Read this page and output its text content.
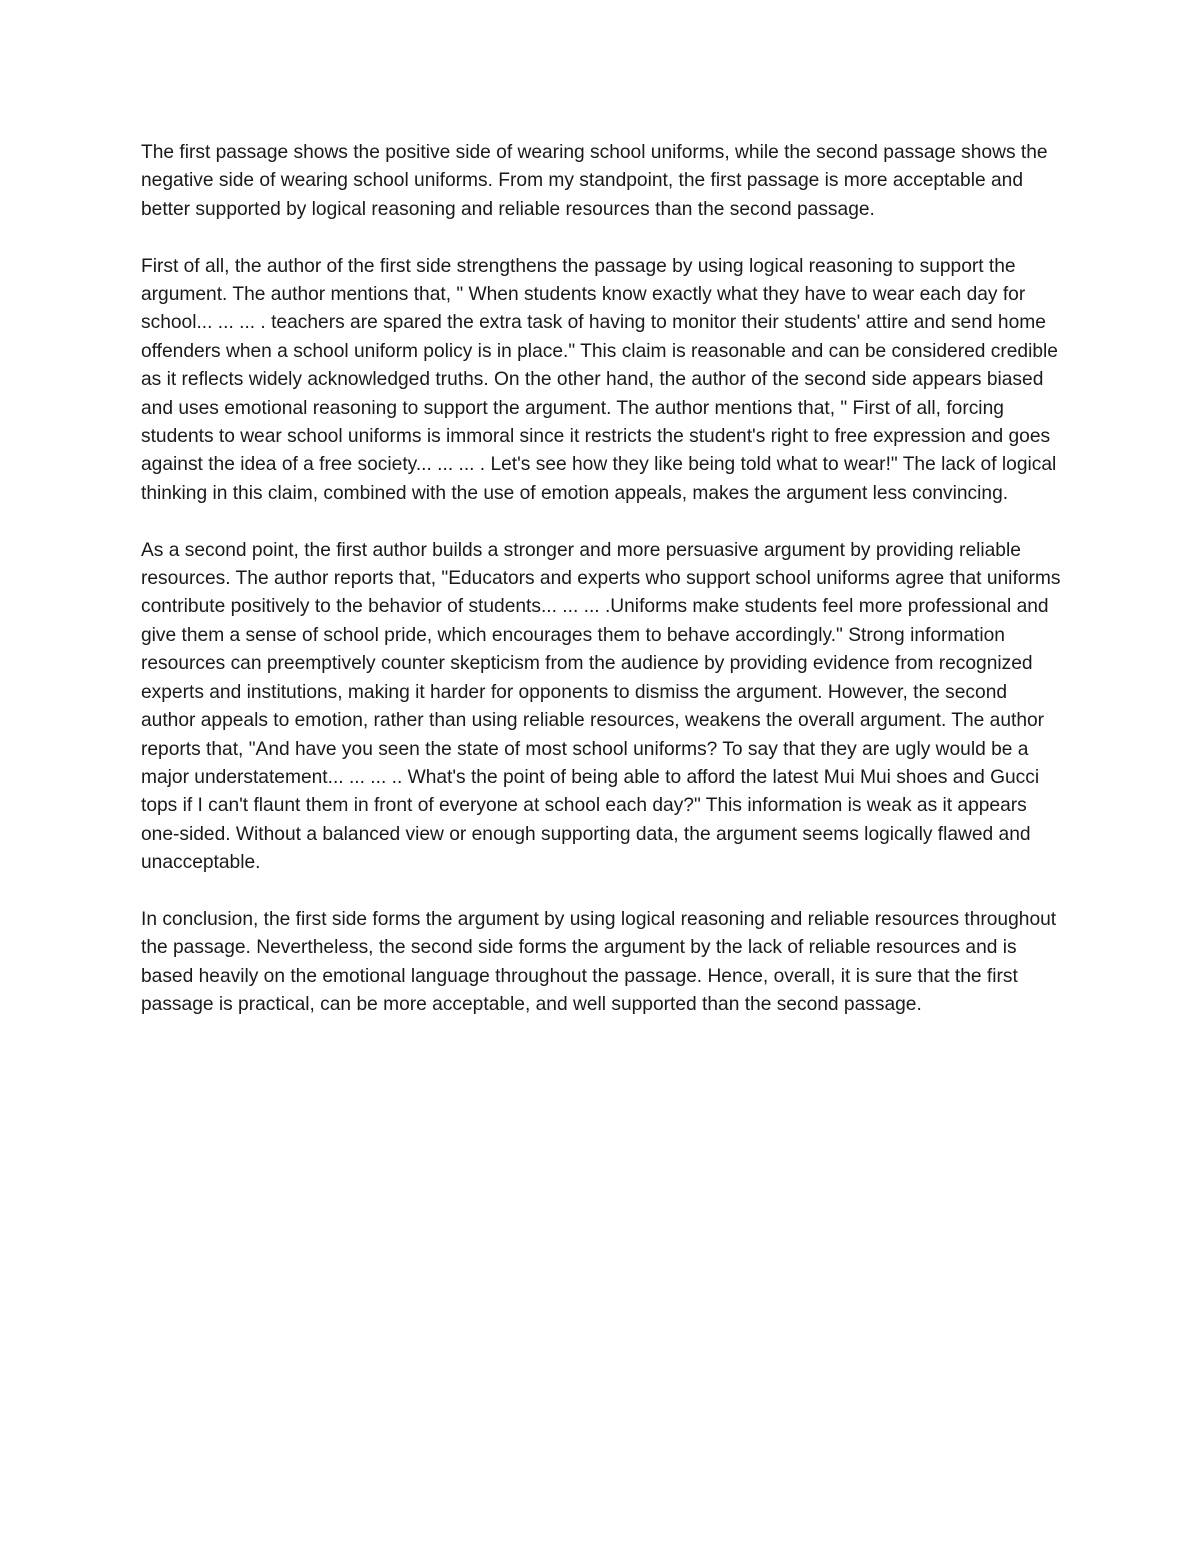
The first passage shows the positive side of wearing school uniforms, while the second passage shows the negative side of wearing school uniforms. From my standpoint, the first passage is more acceptable and better supported by logical reasoning and reliable resources than the second passage.

First of all, the author of the first side strengthens the passage by using logical reasoning to support the argument. The author mentions that, " When students know exactly what they have to wear each day for school... ... ... . teachers are spared the extra task of having to monitor their students' attire and send home offenders when a school uniform policy is in place." This claim is reasonable and can be considered credible as it reflects widely acknowledged truths. On the other hand, the author of the second side appears biased and uses emotional reasoning to support the argument. The author mentions that, " First of all, forcing students to wear school uniforms is immoral since it restricts the student's right to free expression and goes against the idea of a free society... ... ... . Let's see how they like being told what to wear!" The lack of logical thinking in this claim, combined with the use of emotion appeals, makes the argument less convincing.

As a second point, the first author builds a stronger and more persuasive argument by providing reliable resources. The author reports that, "Educators and experts who support school uniforms agree that uniforms contribute positively to the behavior of students... ... ... .Uniforms make students feel more professional and give them a sense of school pride, which encourages them to behave accordingly." Strong information resources can preemptively counter skepticism from the audience by providing evidence from recognized experts and institutions, making it harder for opponents to dismiss the argument. However, the second author appeals to emotion, rather than using reliable resources, weakens the overall argument. The author reports that, "And have you seen the state of most school uniforms? To say that they are ugly would be a major understatement... ... ... .. What's the point of being able to afford the latest Mui Mui shoes and Gucci tops if I can't flaunt them in front of everyone at school each day?" This information is weak as it appears one-sided. Without a balanced view or enough supporting data, the argument seems logically flawed and unacceptable.

In conclusion, the first side forms the argument by using logical reasoning and reliable resources throughout the passage. Nevertheless, the second side forms the argument by the lack of reliable resources and is based heavily on the emotional language throughout the passage. Hence, overall, it is sure that the first passage is practical, can be more acceptable, and well supported than the second passage.
